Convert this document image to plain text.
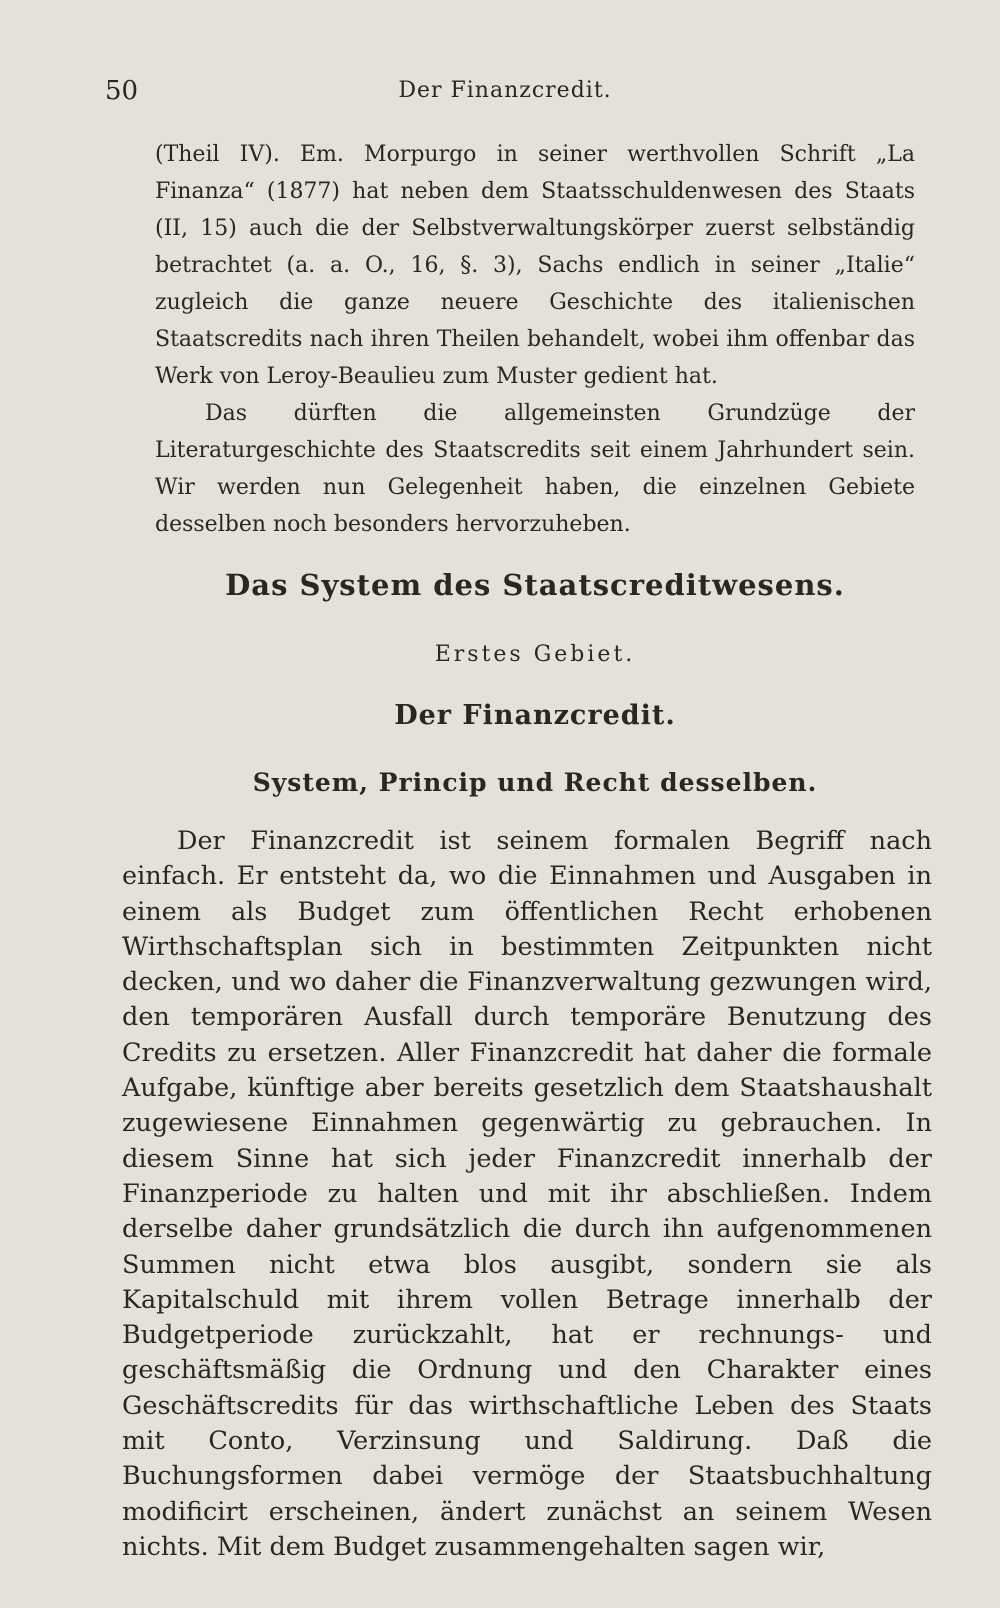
50	Der Finanzcredit.

(Theil IV). Em. Morpurgo in seiner werthvollen Schrift „La Finanza“ (1877) hat neben dem Staatsschuldenwesen des Staats (II, 15) auch die der Selbstverwaltungskörper zuerst selbständig betrachtet (a. a. O., 16, §. 3), Sachs endlich in seiner „Italie“ zugleich die ganze neuere Geschichte des italienischen Staatscredits nach ihren Theilen behandelt, wobei ihm offenbar das Werk von Leroy-Beaulieu zum Muster gedient hat.

Das dürften die allgemeinsten Grundzüge der Literaturgeschichte des Staatscredits seit einem Jahrhundert sein. Wir werden nun Gelegenheit haben, die einzelnen Gebiete desselben noch besonders hervorzuheben.

Das System des Staatscreditwesens.
Erstes Gebiet.
Der Finanzcredit.
System, Princip und Recht desselben.

Der Finanzcredit ist seinem formalen Begriff nach einfach. Er entsteht da, wo die Einnahmen und Ausgaben in einem als Budget zum öffentlichen Recht erhobenen Wirthschaftsplan sich in bestimmten Zeitpunkten nicht decken, und wo daher die Finanzverwaltung gezwungen wird, den temporären Ausfall durch temporäre Benutzung des Credits zu ersetzen. Aller Finanzcredit hat daher die formale Aufgabe, künftige aber bereits gesetzlich dem Staatshaushalt zugewiesene Einnahmen gegenwärtig zu gebrauchen. In diesem Sinne hat sich jeder Finanzcredit innerhalb der Finanzperiode zu halten und mit ihr abschließen. Indem derselbe daher grundsätzlich die durch ihn aufgenommenen Summen nicht etwa blos ausgibt, sondern sie als Kapitalschuld mit ihrem vollen Betrage innerhalb der Budgetperiode zurückzahlt, hat er rechnungs- und geschäftsmäßig die Ordnung und den Charakter eines Geschäftscredits für das wirthschaftliche Leben des Staats mit Conto, Verzinsung und Saldirung. Daß die Buchungsformen dabei vermöge der Staatsbuchhaltung modificirt erscheinen, ändert zunächst an seinem Wesen nichts. Mit dem Budget zusammengehalten sagen wir,
